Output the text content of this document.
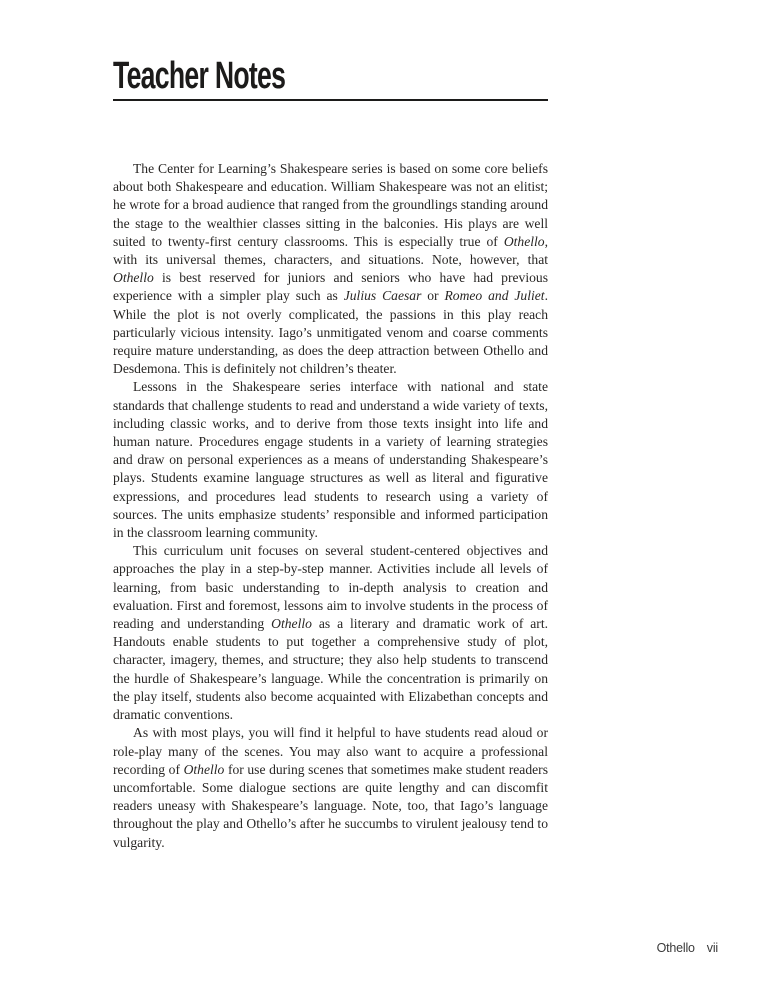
Teacher Notes

The Center for Learning’s Shakespeare series is based on some core beliefs about both Shakespeare and education. William Shakespeare was not an elitist; he wrote for a broad audience that ranged from the groundlings standing around the stage to the wealthier classes sitting in the balconies. His plays are well suited to twenty-first century classrooms. This is especially true of Othello, with its universal themes, characters, and situations. Note, however, that Othello is best reserved for juniors and seniors who have had previous experience with a simpler play such as Julius Caesar or Romeo and Juliet. While the plot is not overly complicated, the passions in this play reach particularly vicious intensity. Iago’s unmitigated venom and coarse comments require mature understanding, as does the deep attraction between Othello and Desdemona. This is definitely not children’s theater.

Lessons in the Shakespeare series interface with national and state standards that challenge students to read and understand a wide variety of texts, including classic works, and to derive from those texts insight into life and human nature. Procedures engage students in a variety of learning strategies and draw on personal experiences as a means of understanding Shakespeare’s plays. Students examine language structures as well as literal and figurative expressions, and procedures lead students to research using a variety of sources. The units emphasize students’ responsible and informed participation in the classroom learning community.

This curriculum unit focuses on several student-centered objectives and approaches the play in a step-by-step manner. Activities include all levels of learning, from basic understanding to in-depth analysis to creation and evaluation. First and foremost, lessons aim to involve students in the process of reading and understanding Othello as a literary and dramatic work of art. Handouts enable students to put together a comprehensive study of plot, character, imagery, themes, and structure; they also help students to transcend the hurdle of Shakespeare’s language. While the concentration is primarily on the play itself, students also become acquainted with Elizabethan concepts and dramatic conventions.

As with most plays, you will find it helpful to have students read aloud or role-play many of the scenes. You may also want to acquire a professional recording of Othello for use during scenes that sometimes make student readers uncomfortable. Some dialogue sections are quite lengthy and can discomfit readers uneasy with Shakespeare’s language. Note, too, that Iago’s language throughout the play and Othello’s after he succumbs to virulent jealousy tend to vulgarity.

Othello vii
